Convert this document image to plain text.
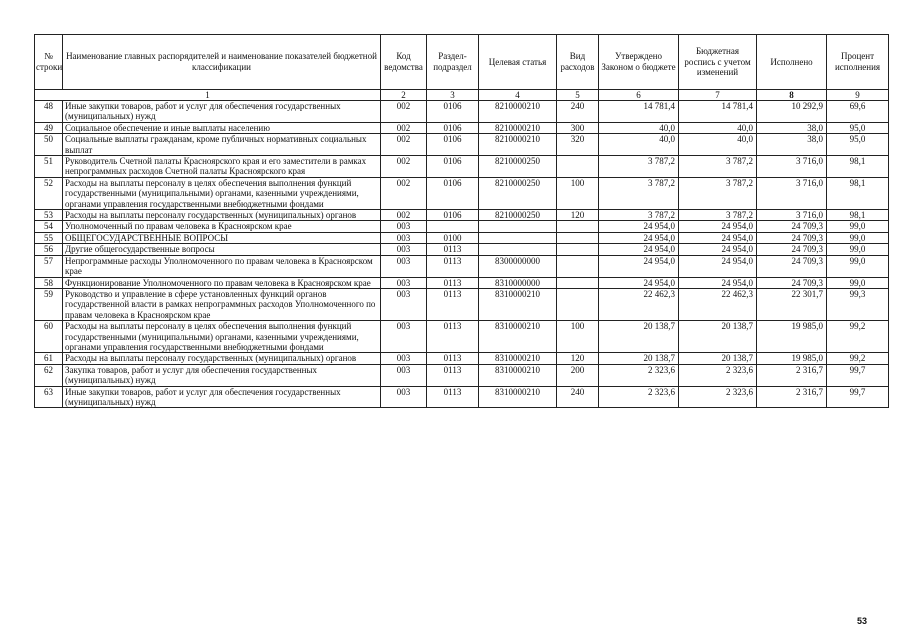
№ строки	Наименование главных распорядителей и наименование показателей бюджетной классификации	Код ведомства	Раздел-подраздел	Целевая статья	Вид расходов	Утверждено Законом о бюджете	Бюджетная роспись с учетом изменений	Исполнено	Процент исполнения
1		2	3	4	5	6	7	8	9
48	Иные закупки товаров, работ и услуг для обеспечения государственных (муниципальных) нужд	002	0106	8210000210	240	14 781,4	14 781,4	10 292,9	69,6
49	Социальное обеспечение и иные выплаты населению	002	0106	8210000210	300	40,0	40,0	38,0	95,0
50	Социальные выплаты гражданам, кроме публичных нормативных социальных выплат	002	0106	8210000210	320	40,0	40,0	38,0	95,0
51	Руководитель Счетной палаты Красноярского края и его заместители в рамках непрограммных расходов Счетной палаты Красноярского края	002	0106	8210000250		3 787,2	3 787,2	3 716,0	98,1
52	Расходы на выплаты персоналу в целях обеспечения выполнения функций государственными (муниципальными) органами, казенными учреждениями, органами управления государственными внебюджетными фондами	002	0106	8210000250	100	3 787,2	3 787,2	3 716,0	98,1
53	Расходы на выплаты персоналу государственных (муниципальных) органов	002	0106	8210000250	120	3 787,2	3 787,2	3 716,0	98,1
54	Уполномоченный по правам человека в Красноярском крае	003				24 954,0	24 954,0	24 709,3	99,0
55	ОБЩЕГОСУДАРСТВЕННЫЕ ВОПРОСЫ	003	0100			24 954,0	24 954,0	24 709,3	99,0
56	Другие общегосударственные вопросы	003	0113			24 954,0	24 954,0	24 709,3	99,0
57	Непрограммные расходы Уполномоченного по правам человека в Красноярском крае	003	0113	8300000000		24 954,0	24 954,0	24 709,3	99,0
58	Функционирование Уполномоченного по правам человека в Красноярском крае	003	0113	8310000000		24 954,0	24 954,0	24 709,3	99,0
59	Руководство и управление в сфере установленных функций органов государственной власти в рамках непрограммных расходов Уполномоченного по правам человека в Красноярском крае	003	0113	8310000210		22 462,3	22 462,3	22 301,7	99,3
60	Расходы на выплаты персоналу в целях обеспечения выполнения функций государственными (муниципальными) органами, казенными учреждениями, органами управления государственными внебюджетными фондами	003	0113	8310000210	100	20 138,7	20 138,7	19 985,0	99,2
61	Расходы на выплаты персоналу государственных (муниципальных) органов	003	0113	8310000210	120	20 138,7	20 138,7	19 985,0	99,2
62	Закупка товаров, работ и услуг для обеспечения государственных (муниципальных) нужд	003	0113	8310000210	200	2 323,6	2 323,6	2 316,7	99,7
63	Иные закупки товаров, работ и услуг для обеспечения государственных (муниципальных) нужд	003	0113	8310000210	240	2 323,6	2 323,6	2 316,7	99,7
53
